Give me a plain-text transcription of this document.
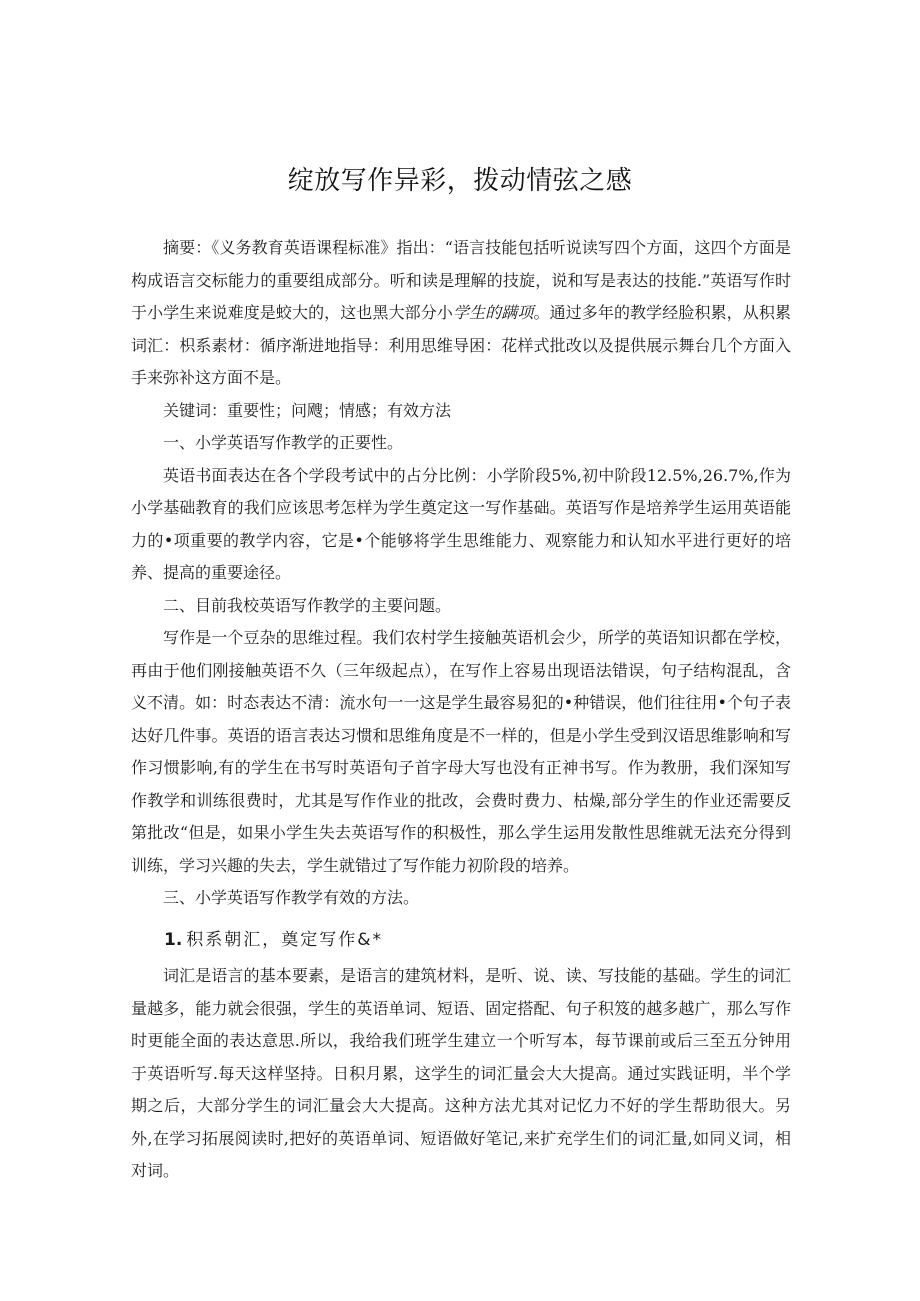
绽放写作异彩，拨动情弦之感

摘要：《义务教育英语课程标准》指出：“语言技能包括听说读写四个方面，这四个方面是构成语言交标能力的重要组成部分。听和读是理解的技旋，说和写是表达的技能.”英语写作时于小学生来说难度是蛟大的，这也黑大部分小学生的蹒项。通过多年的教学经脸积累，从积累词汇：枳系素材：循序渐进地指导：利用思维导困：花样式批改以及提供展示舞台几个方面入手来弥补这方面不是。

关键词：重要性；问飕；情感；有效方法

一、小学英语写作教学的正要性。

英语书面表达在各个学段考试中的占分比例：小学阶段5%,初中阶段12.5%,26.7%,作为小学基础教育的我们应该思考怎样为学生奠定这一写作基础。英语写作是培养学生运用英语能力的•项重要的教学内容，它是•个能够将学生思维能力、观察能力和认知水平进行更好的培养、提高的重要途径。

二、目前我校英语写作教学的主要问题。

写作是一个豆杂的思维过程。我们农村学生接触英语机会少，所学的英语知识都在学校，再由于他们刚接触英语不久（三年级起点），在写作上容易出现语法错误，句子结构混乱，含义不清。如：时态表达不清：流水句一一这是学生最容易犯的•种错误，他们往往用•个句子表达好几件事。英语的语言表达习惯和思维角度是不一样的，但是小学生受到汉语思维影响和写作习惯影响,有的学生在书写时英语句子首字母大写也没有正神书写。作为教册，我们深知写作教学和训练很费时，尤其是写作作业的批改，会费时费力、枯燥,部分学生的作业还需要反第批改“但是，如果小学生失去英语写作的积极性，那么学生运用发散性思维就无法充分得到训练，学习兴趣的失去，学生就错过了写作能力初阶段的培养。

三、小学英语写作教学有效的方法。

1. 积系朝汇，奠定写作&*

词汇是语言的基本要素，是语言的建筑材料，是听、说、读、写技能的基础。学生的词汇量越多，能力就会很强，学生的英语单词、短语、固定搭配、句子积笈的越多越广，那么写作时更能全面的表达意思.所以，我给我们班学生建立一个听写本，每节课前或后三至五分钟用于英语听写.每天这样坚持。日积月累，这学生的词汇量会大大提高。通过实践证明，半个学期之后，大部分学生的词汇量会大大提高。这种方法尤其对记忆力不好的学生帮助很大。另外,在学习拓展阅读时,把好的英语单词、短语做好笔记,来扩充学生们的词汇量,如同义词，相对词。
